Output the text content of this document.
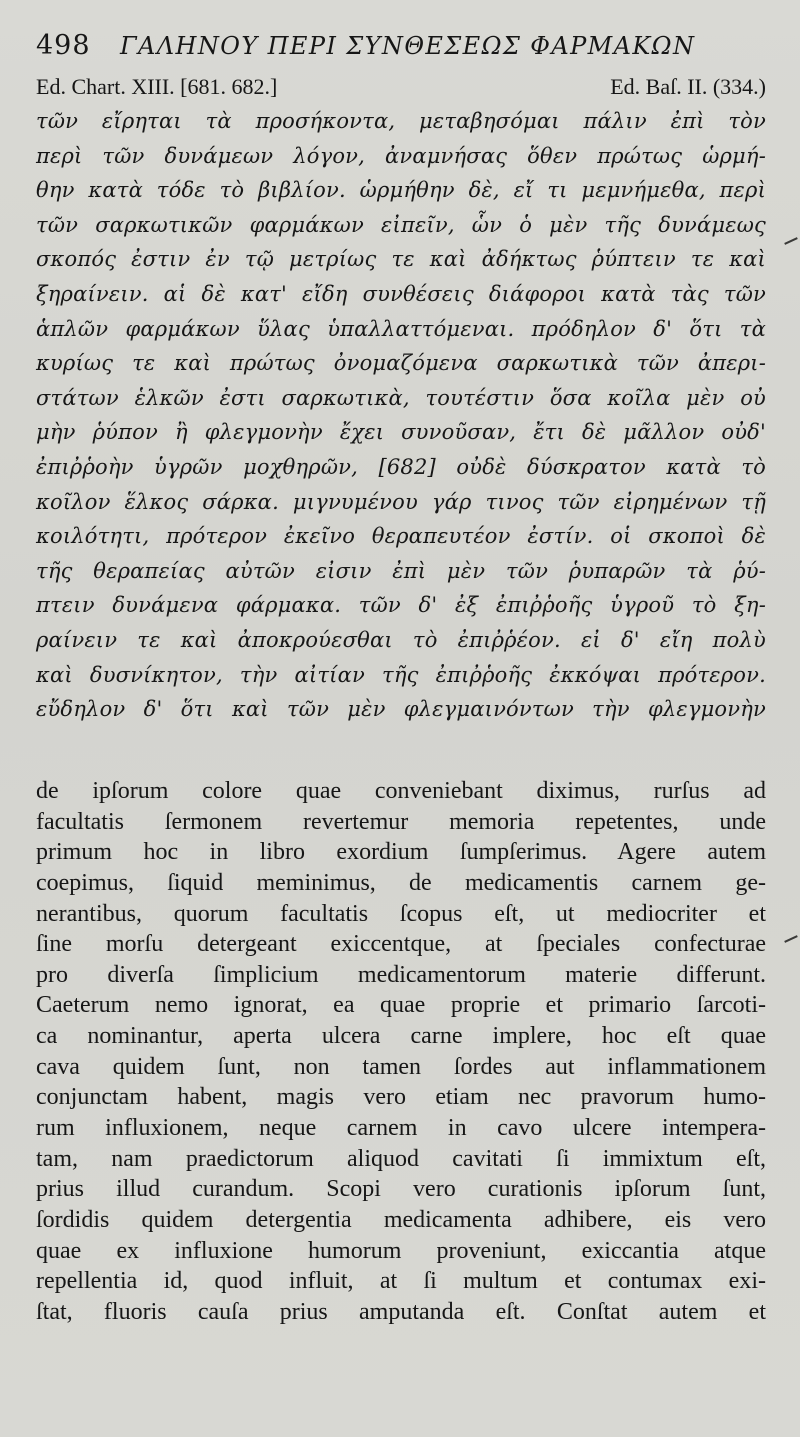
498	ΓΑΛΗΝΟΥ ΠΕΡΙ ΣΥΝΘΕΣΕΩΣ ΦΑΡΜΑΚΩΝ
Ed. Chart. XIII. [681. 682.]	Ed. Baſ. II. (334.)
τῶν εἴρηται τὰ προσήκοντα, μεταβησόμαι πάλιν ἐπὶ τὸν
περὶ τῶν δυνάμεων λόγον, ἀναμνήσας ὅθεν πρώτως ὡρμή-
θην κατὰ τόδε τὸ βιβλίον. ὡρμήθην δὲ, εἴ τι μεμνήμεθα, περὶ
τῶν σαρκωτικῶν φαρμάκων εἰπεῖν, ὧν ὁ μὲν τῆς δυνάμεως
σκοπός ἐστιν ἐν τῷ μετρίως τε καὶ ἀδήκτως ῥύπτειν τε καὶ
ξηραίνειν. αἱ δὲ κατ' εἴδη συνθέσεις διάφοροι κατὰ τὰς τῶν
ἁπλῶν φαρμάκων ὕλας ὑπαλλαττόμεναι. πρόδηλον δ' ὅτι τὰ
κυρίως τε καὶ πρώτως ὀνομαζόμενα σαρκωτικὰ τῶν ἀπερι-
στάτων ἑλκῶν ἐστι σαρκωτικὰ, τουτέστιν ὅσα κοῖλα μὲν οὐ
μὴν ῥύπον ἢ φλεγμονὴν ἔχει συνοῦσαν, ἔτι δὲ μᾶλλον οὐδ'
ἐπιῤῥοὴν ὑγρῶν μοχθηρῶν, [682] οὐδὲ δύσκρατον κατὰ τὸ
κοῖλον ἕλκος σάρκα. μιγνυμένου γάρ τινος τῶν εἰρημένων τῇ
κοιλότητι, πρότερον ἐκεῖνο θεραπευτέον ἐστίν. οἱ σκοποὶ δὲ
τῆς θεραπείας αὐτῶν εἰσιν ἐπὶ μὲν τῶν ῥυπαρῶν τὰ ῥύ-
πτειν δυνάμενα φάρμακα. τῶν δ' ἐξ ἐπιῤῥοῆς ὑγροῦ τὸ ξη-
ραίνειν τε καὶ ἀποκρούεσθαι τὸ ἐπιῤῥέον. εἰ δ' εἴη πολὺ
καὶ δυσνίκητον, τὴν αἰτίαν τῆς ἐπιῤῥοῆς ἐκκόψαι πρότερον.
εὔδηλον δ' ὅτι καὶ τῶν μὲν φλεγμαινόντων τὴν φλεγμονὴν
de ipſorum colore quae conveniebant diximus, rurſus ad
facultatis ſermonem revertemur memoria repetentes, unde
primum hoc in libro exordium ſumpſerimus. Agere autem
coepimus, ſiquid meminimus, de medicamentis carnem ge-
nerantibus, quorum facultatis ſcopus eſt, ut mediocriter et
ſine morſu detergeant exiccentque, at ſpeciales confecturae
pro diverſa ſimplicium medicamentorum materie differunt.
Caeterum nemo ignorat, ea quae proprie et primario ſarcoti-
ca nominantur, aperta ulcera carne implere, hoc eſt quae
cava quidem ſunt, non tamen ſordes aut inflammationem
conjunctam habent, magis vero etiam nec pravorum humo-
rum influxionem, neque carnem in cavo ulcere intempera-
tam, nam praedictorum aliquod cavitati ſi immixtum eſt,
prius illud curandum. Scopi vero curationis ipſorum ſunt,
ſordidis quidem detergentia medicamenta adhibere, eis vero
quae ex influxione humorum proveniunt, exiccantia atque
repellentia id, quod influit, at ſi multum et contumax exi-
ſtat, fluoris cauſa prius amputanda eſt. Conſtat autem et
